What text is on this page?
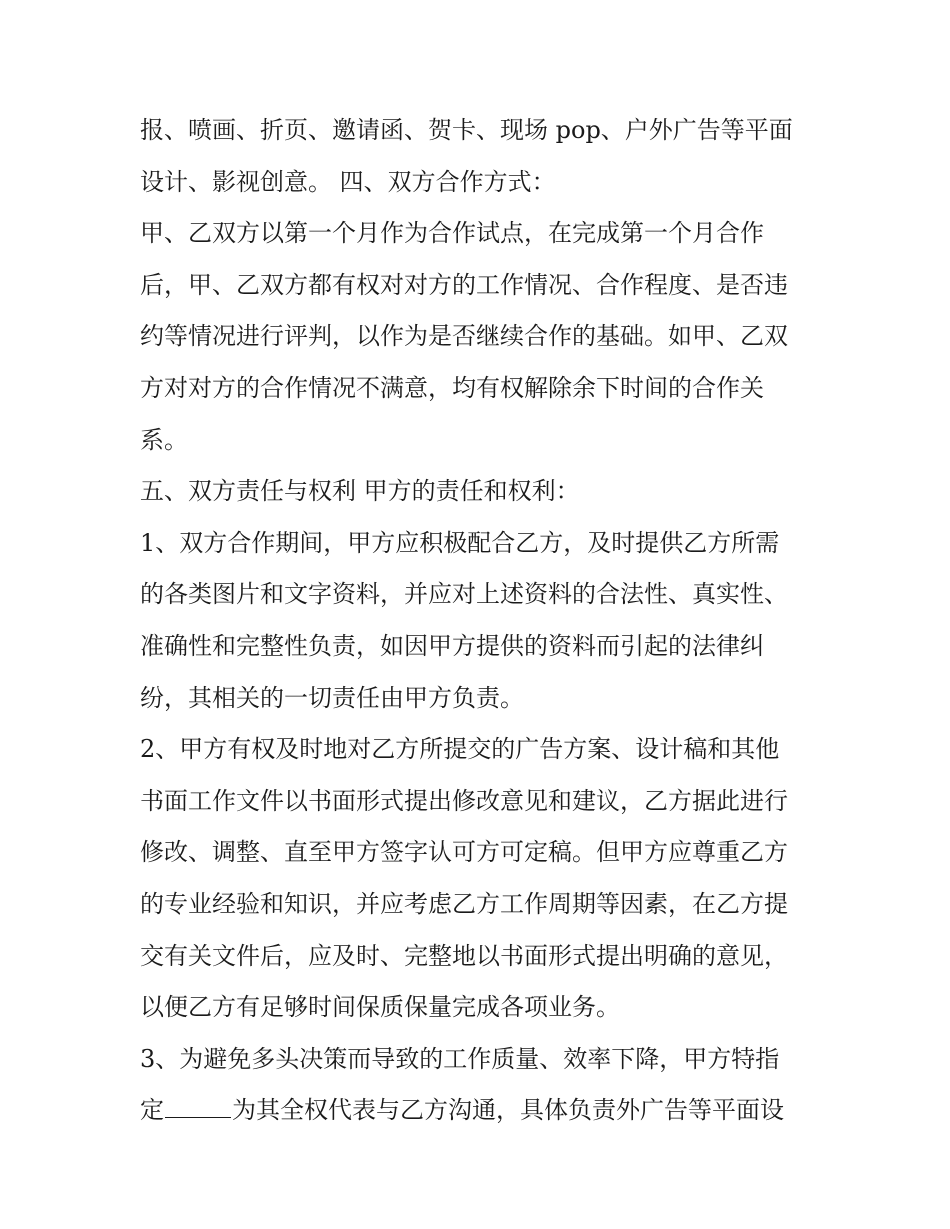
报、喷画、折页、邀请函、贺卡、现场 pop、户外广告等平面
设计、影视创意。 四、双方合作方式：
甲、乙双方以第一个月作为合作试点，在完成第一个月合作
后，甲、乙双方都有权对对方的工作情况、合作程度、是否违
约等情况进行评判，以作为是否继续合作的基础。如甲、乙双
方对对方的合作情况不满意，均有权解除余下时间的合作关
系。
五、双方责任与权利 甲方的责任和权利：
1、双方合作期间，甲方应积极配合乙方，及时提供乙方所需
的各类图片和文字资料，并应对上述资料的合法性、真实性、
准确性和完整性负责，如因甲方提供的资料而引起的法律纠
纷，其相关的一切责任由甲方负责。
2、甲方有权及时地对乙方所提交的广告方案、设计稿和其他
书面工作文件以书面形式提出修改意见和建议，乙方据此进行
修改、调整、直至甲方签字认可方可定稿。但甲方应尊重乙方
的专业经验和知识，并应考虑乙方工作周期等因素，在乙方提
交有关文件后，应及时、完整地以书面形式提出明确的意见，
以便乙方有足够时间保质保量完成各项业务。
3、为避免多头决策而导致的工作质量、效率下降，甲方特指
定	为其全权代表与乙方沟通，具体负责外广告等平面设
